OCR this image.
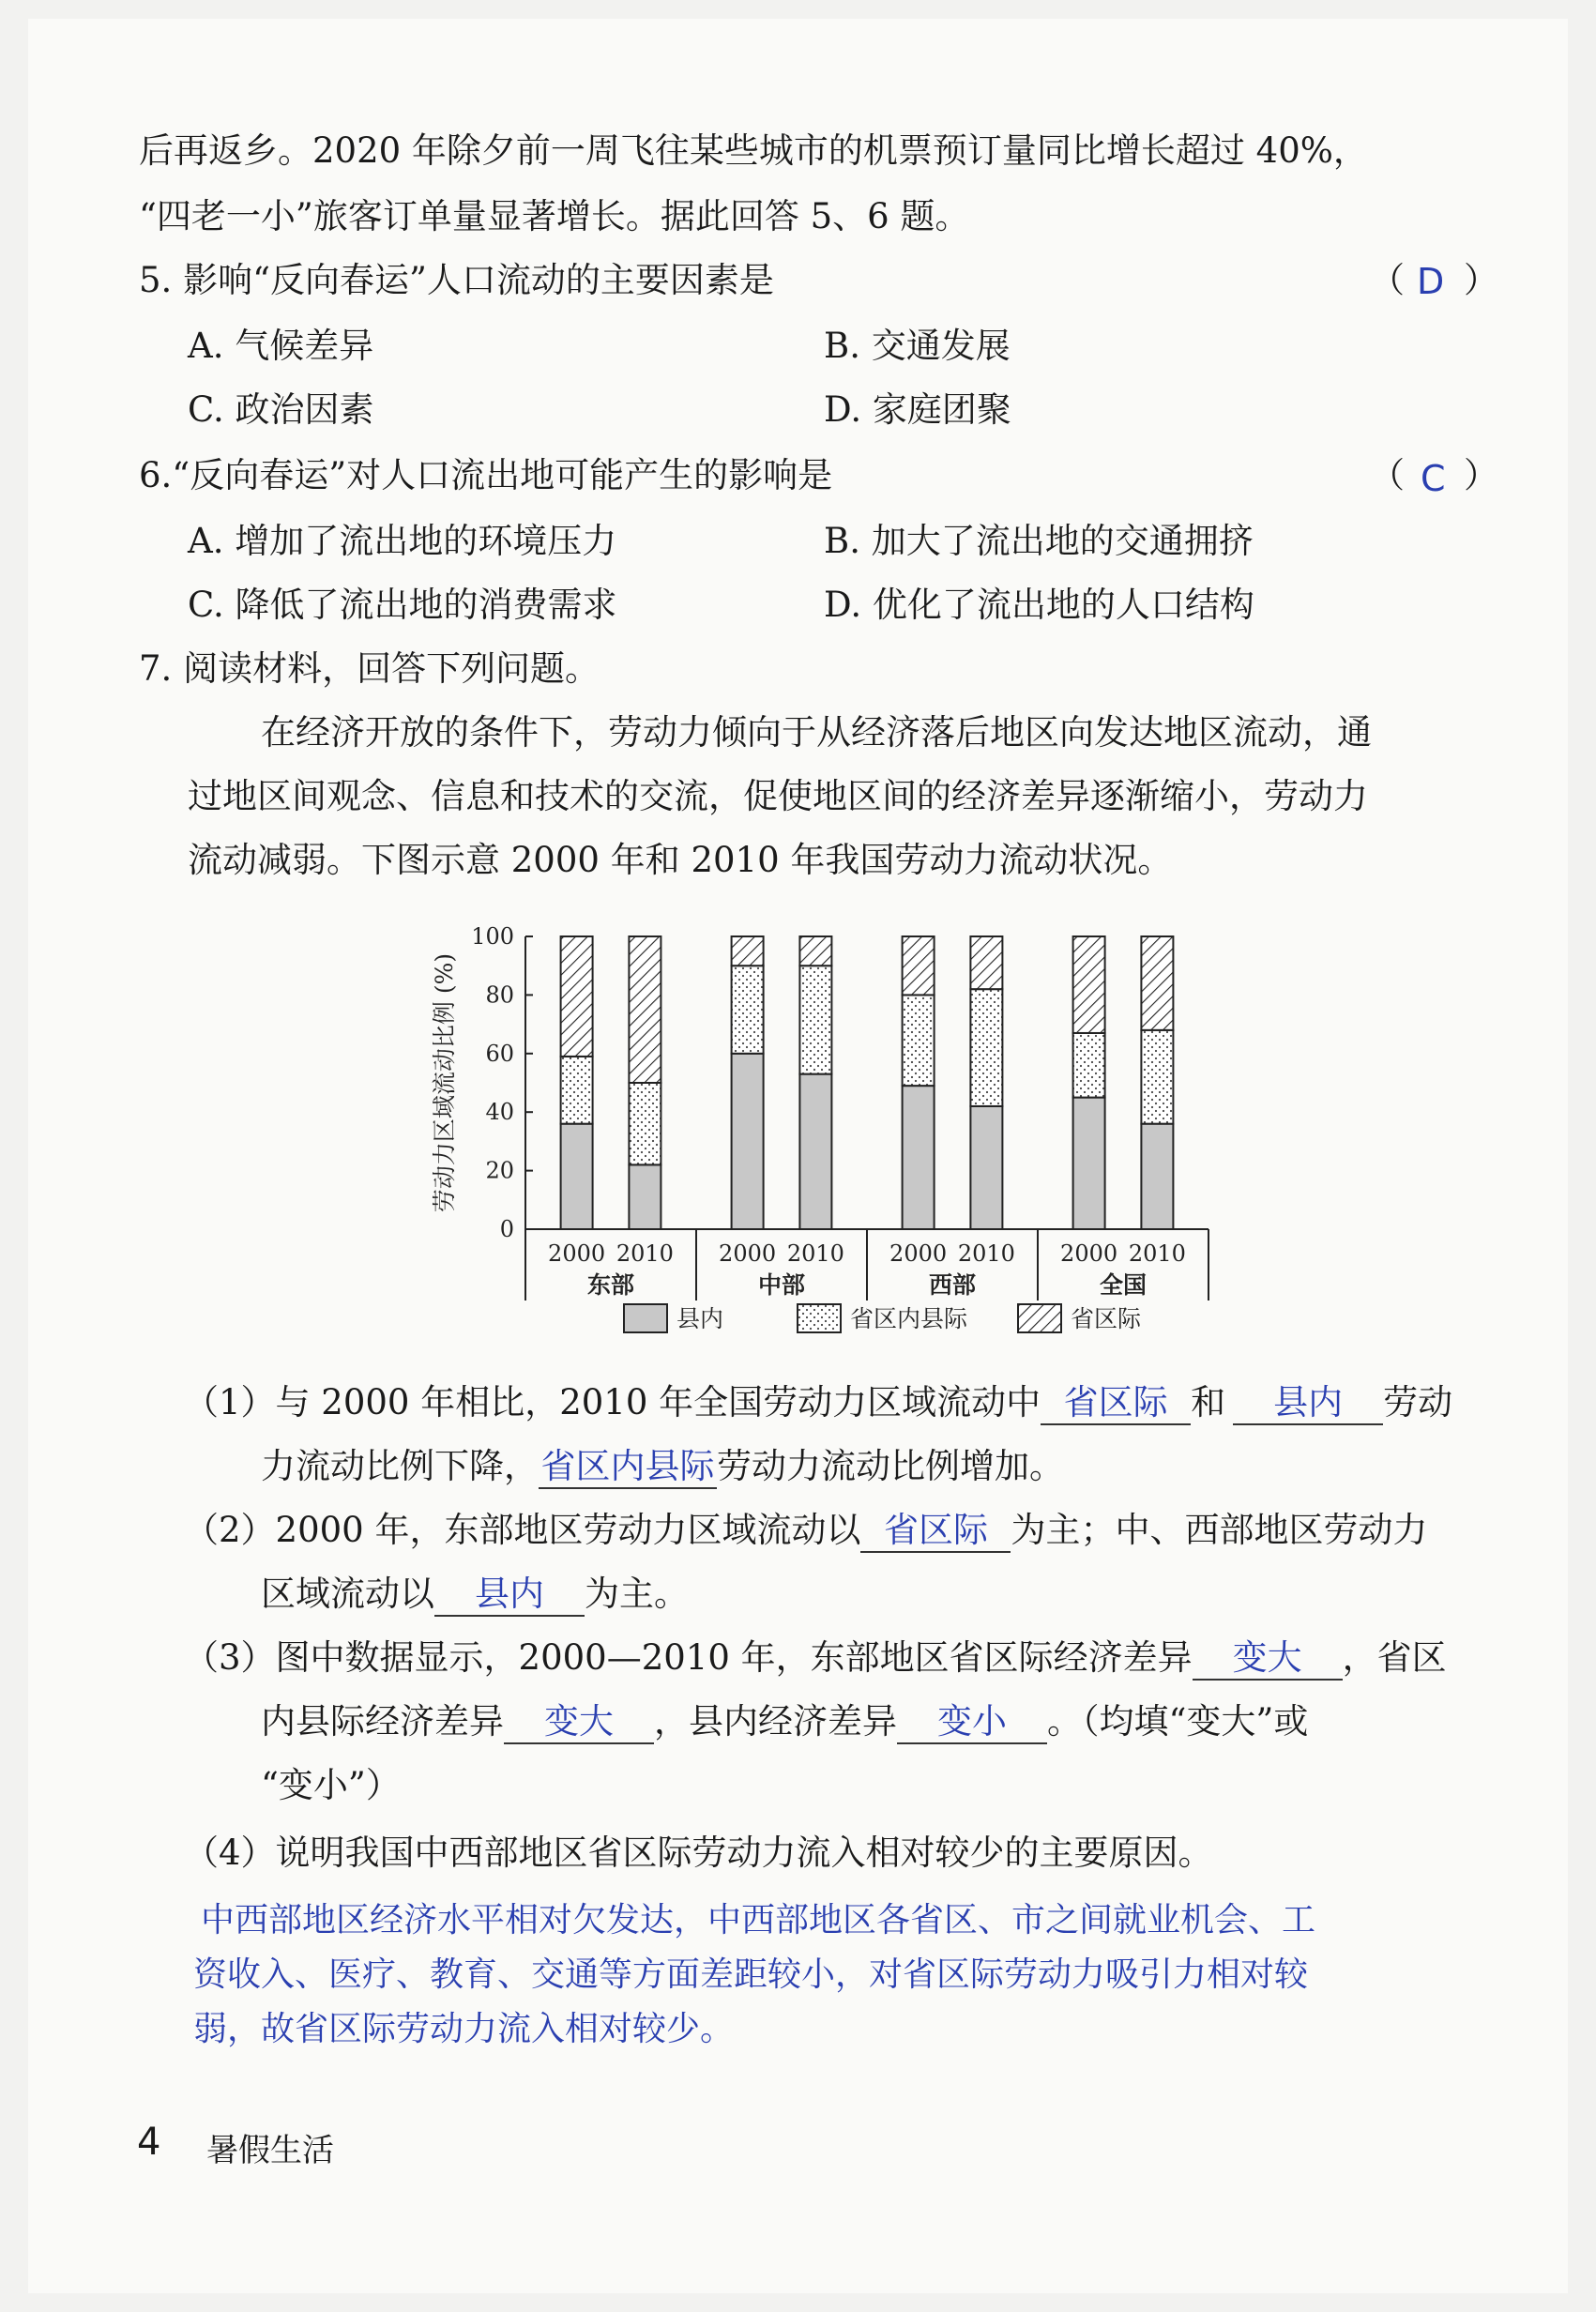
后再返乡。2020 年除夕前一周飞往某些城市的机票预订量同比增长超过 40%，
“四老一小”旅客订单量显著增长。据此回答 5、6 题。
5. 影响“反向春运”人口流动的主要因素是	（ D ）
A. 气候差异	B. 交通发展
C. 政治因素	D. 家庭团聚
6.“反向春运”对人口流出地可能产生的影响是	（ C ）
A. 增加了流出地的环境压力	B. 加大了流出地的交通拥挤
C. 降低了流出地的消费需求	D. 优化了流出地的人口结构
7. 阅读材料，回答下列问题。
在经济开放的条件下，劳动力倾向于从经济落后地区向发达地区流动，通
过地区间观念、信息和技术的交流，促使地区间的经济差异逐渐缩小，劳动力
流动减弱。下图示意 2000 年和 2010 年我国劳动力流动状况。
0
20
40
60
80
100
劳动力区域流动比例 (%)
2000 2010
东部
2000 2010
中部
2000 2010
西部
2000 2010
全国
县内	省区内县际	省区际
（1）与 2000 年相比，2010 年全国劳动力区域流动中 省区际 和 县内 劳动
力流动比例下降，省区内县际劳动力流动比例增加。
（2）2000 年，东部地区劳动力区域流动以 省区际 为主；中、西部地区劳动力
区域流动以 县内 为主。
（3）图中数据显示，2000—2010 年，东部地区省区际经济差异 变大 ，省区
内县际经济差异 变大 ，县内经济差异 变小 。（均填“变大”或
“变小”）
（4）说明我国中西部地区省区际劳动力流入相对较少的主要原因。
中西部地区经济水平相对欠发达，中西部地区各省区、市之间就业机会、工
资收入、医疗、教育、交通等方面差距较小，对省区际劳动力吸引力相对较
弱，故省区际劳动力流入相对较少。
4 暑假生活
